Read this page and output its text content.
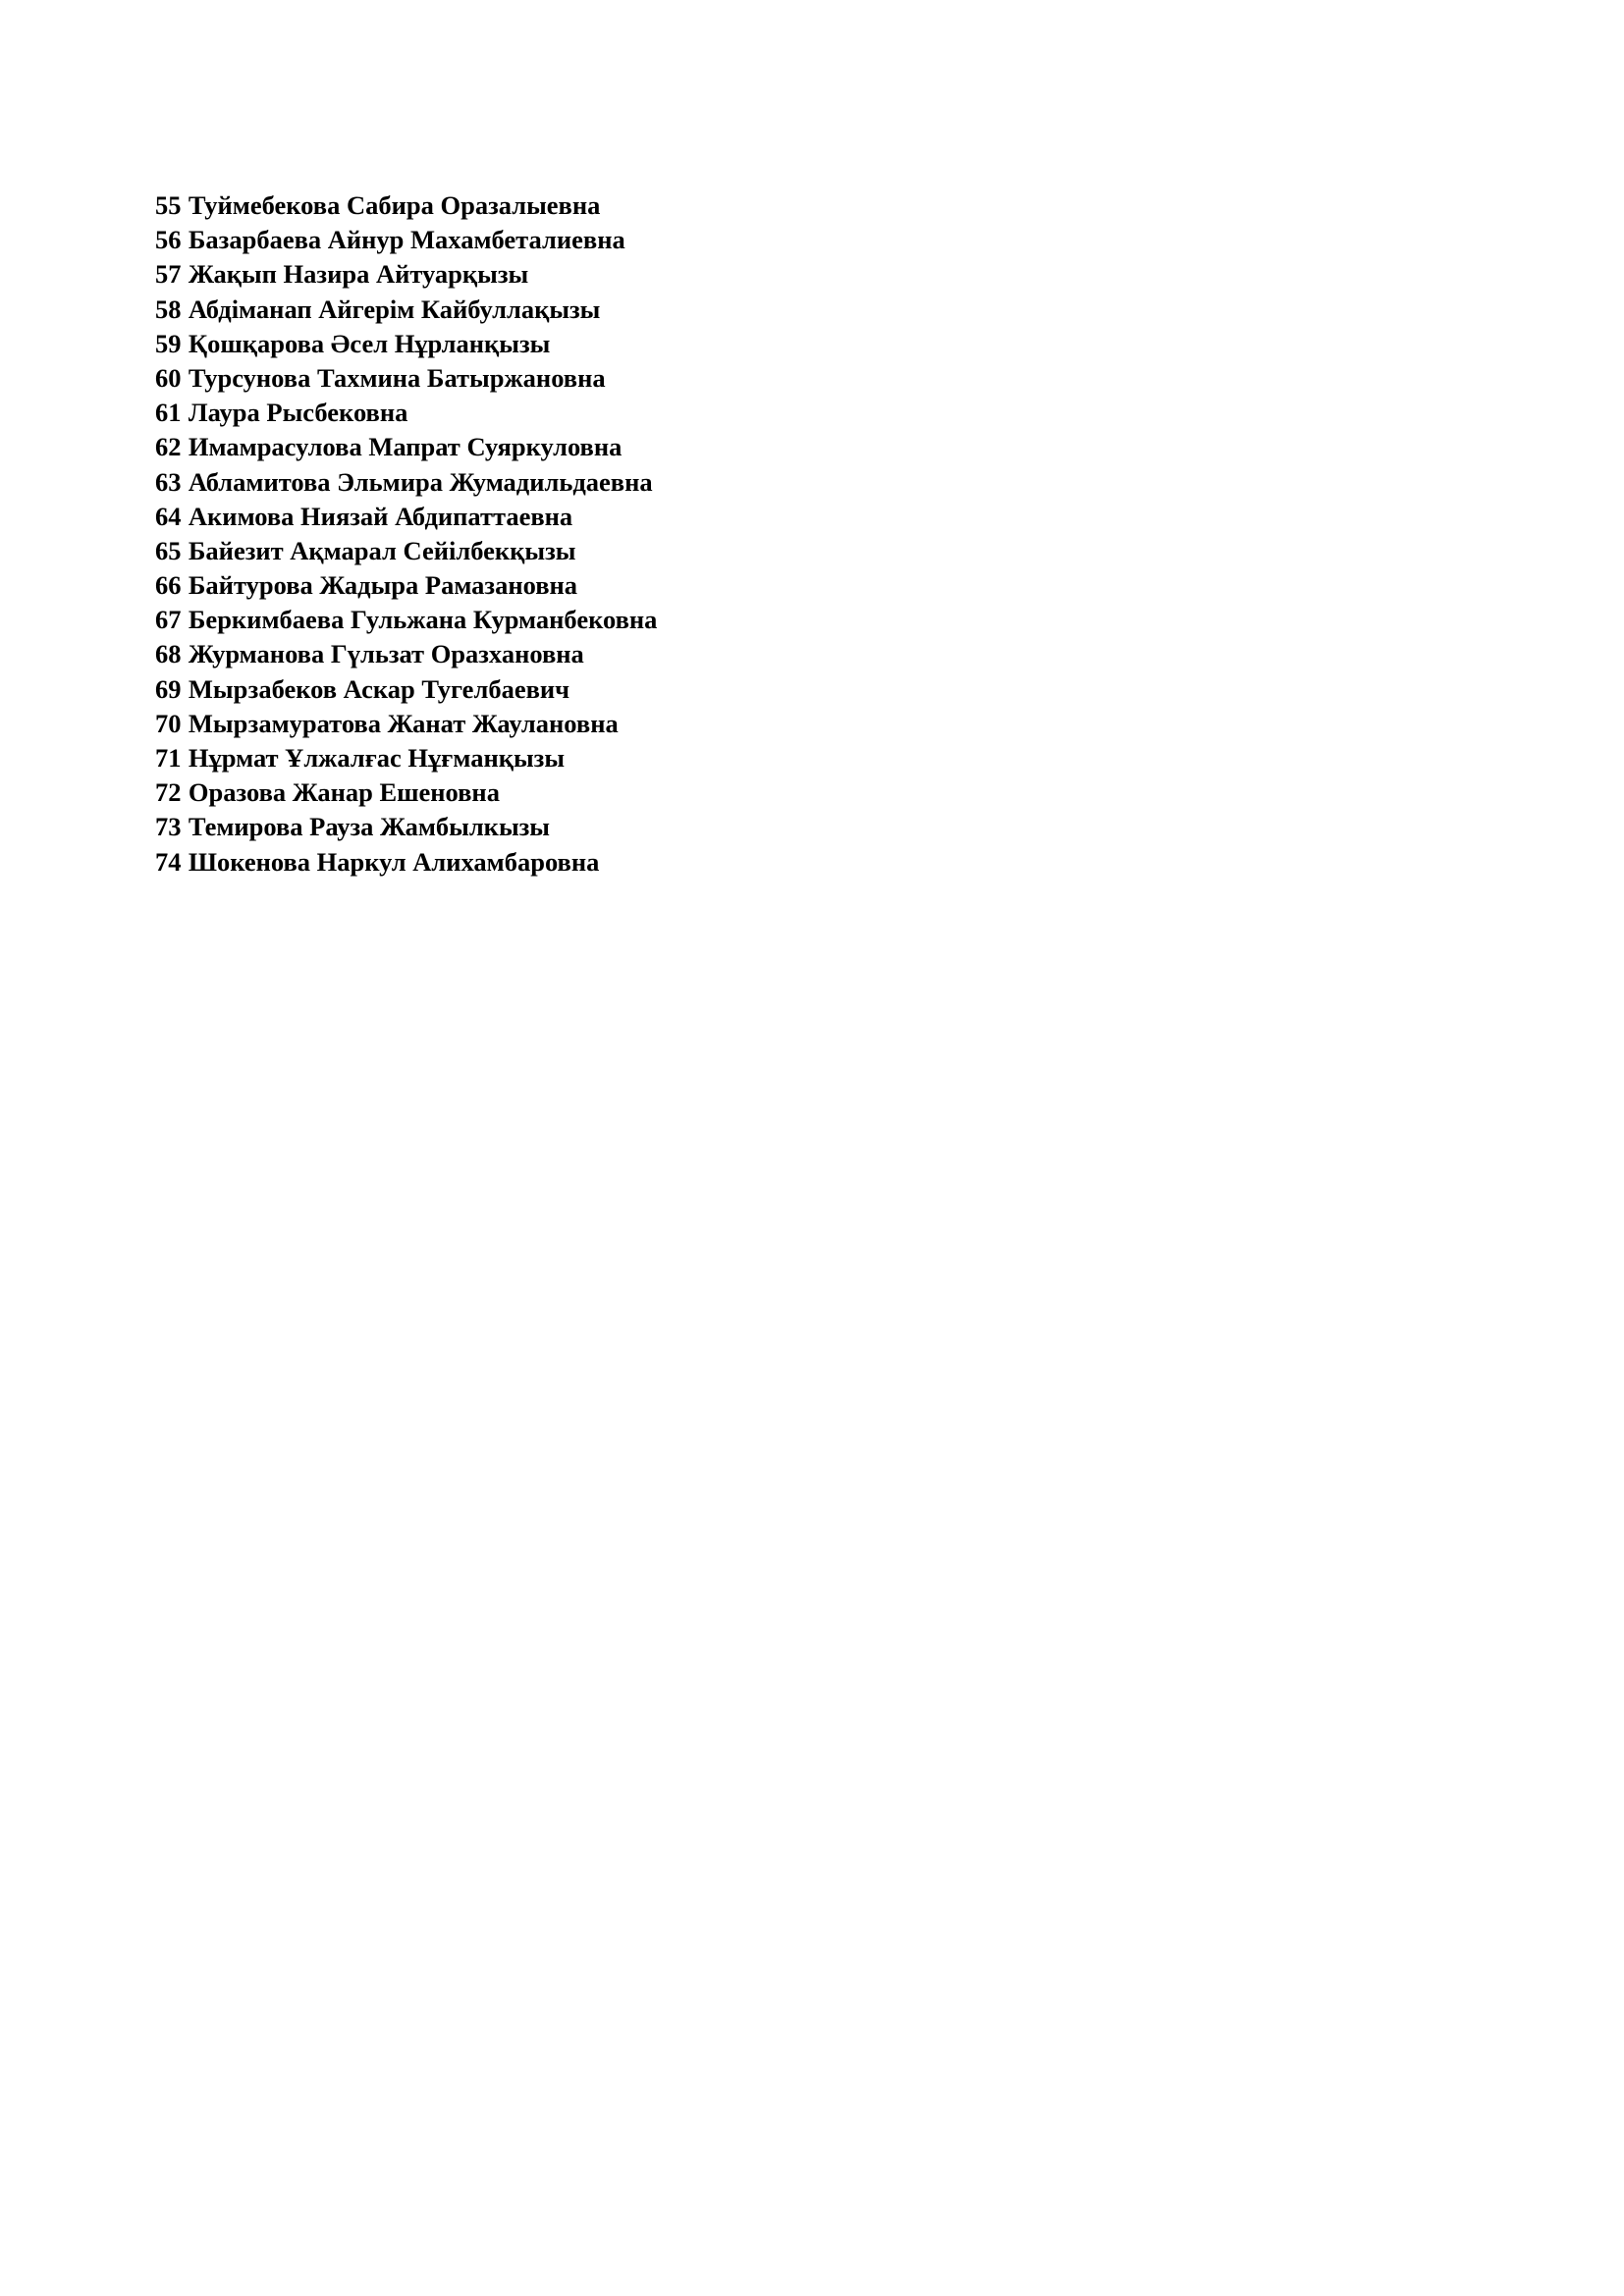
55 Туймебекова Сабира Оразалыевна
56 Базарбаева Айнур Махамбеталиевна
57 Жақып Назира Айтуарқызы
58 Абдіманап Айгерім Кайбуллақызы
59 Қошқарова Әсел Нұрланқызы
60 Турсунова Тахмина Батыржановна
61 Лаура Рысбековна
62 Имамрасулова Мапрат Суяркуловна
63 Абламитова Эльмира Жумадильдаевна
64 Акимова Ниязай Абдипаттаевна
65 Байезит Ақмарал Сейілбекқызы
66 Байтурова Жадыра Рамазановна
67 Беркимбаева Гульжана Курманбековна
68 Журманова Гүльзат Оразхановна
69 Мырзабеков Аскар Тугелбаевич
70 Мырзамуратова Жанат Жаулановна
71 Нұрмат Ұлжалғас Нұғманқызы
72 Оразова Жанар Ешеновна
73 Темирова Рауза Жамбылкызы
74 Шокенова Наркул Алихамбаровна
